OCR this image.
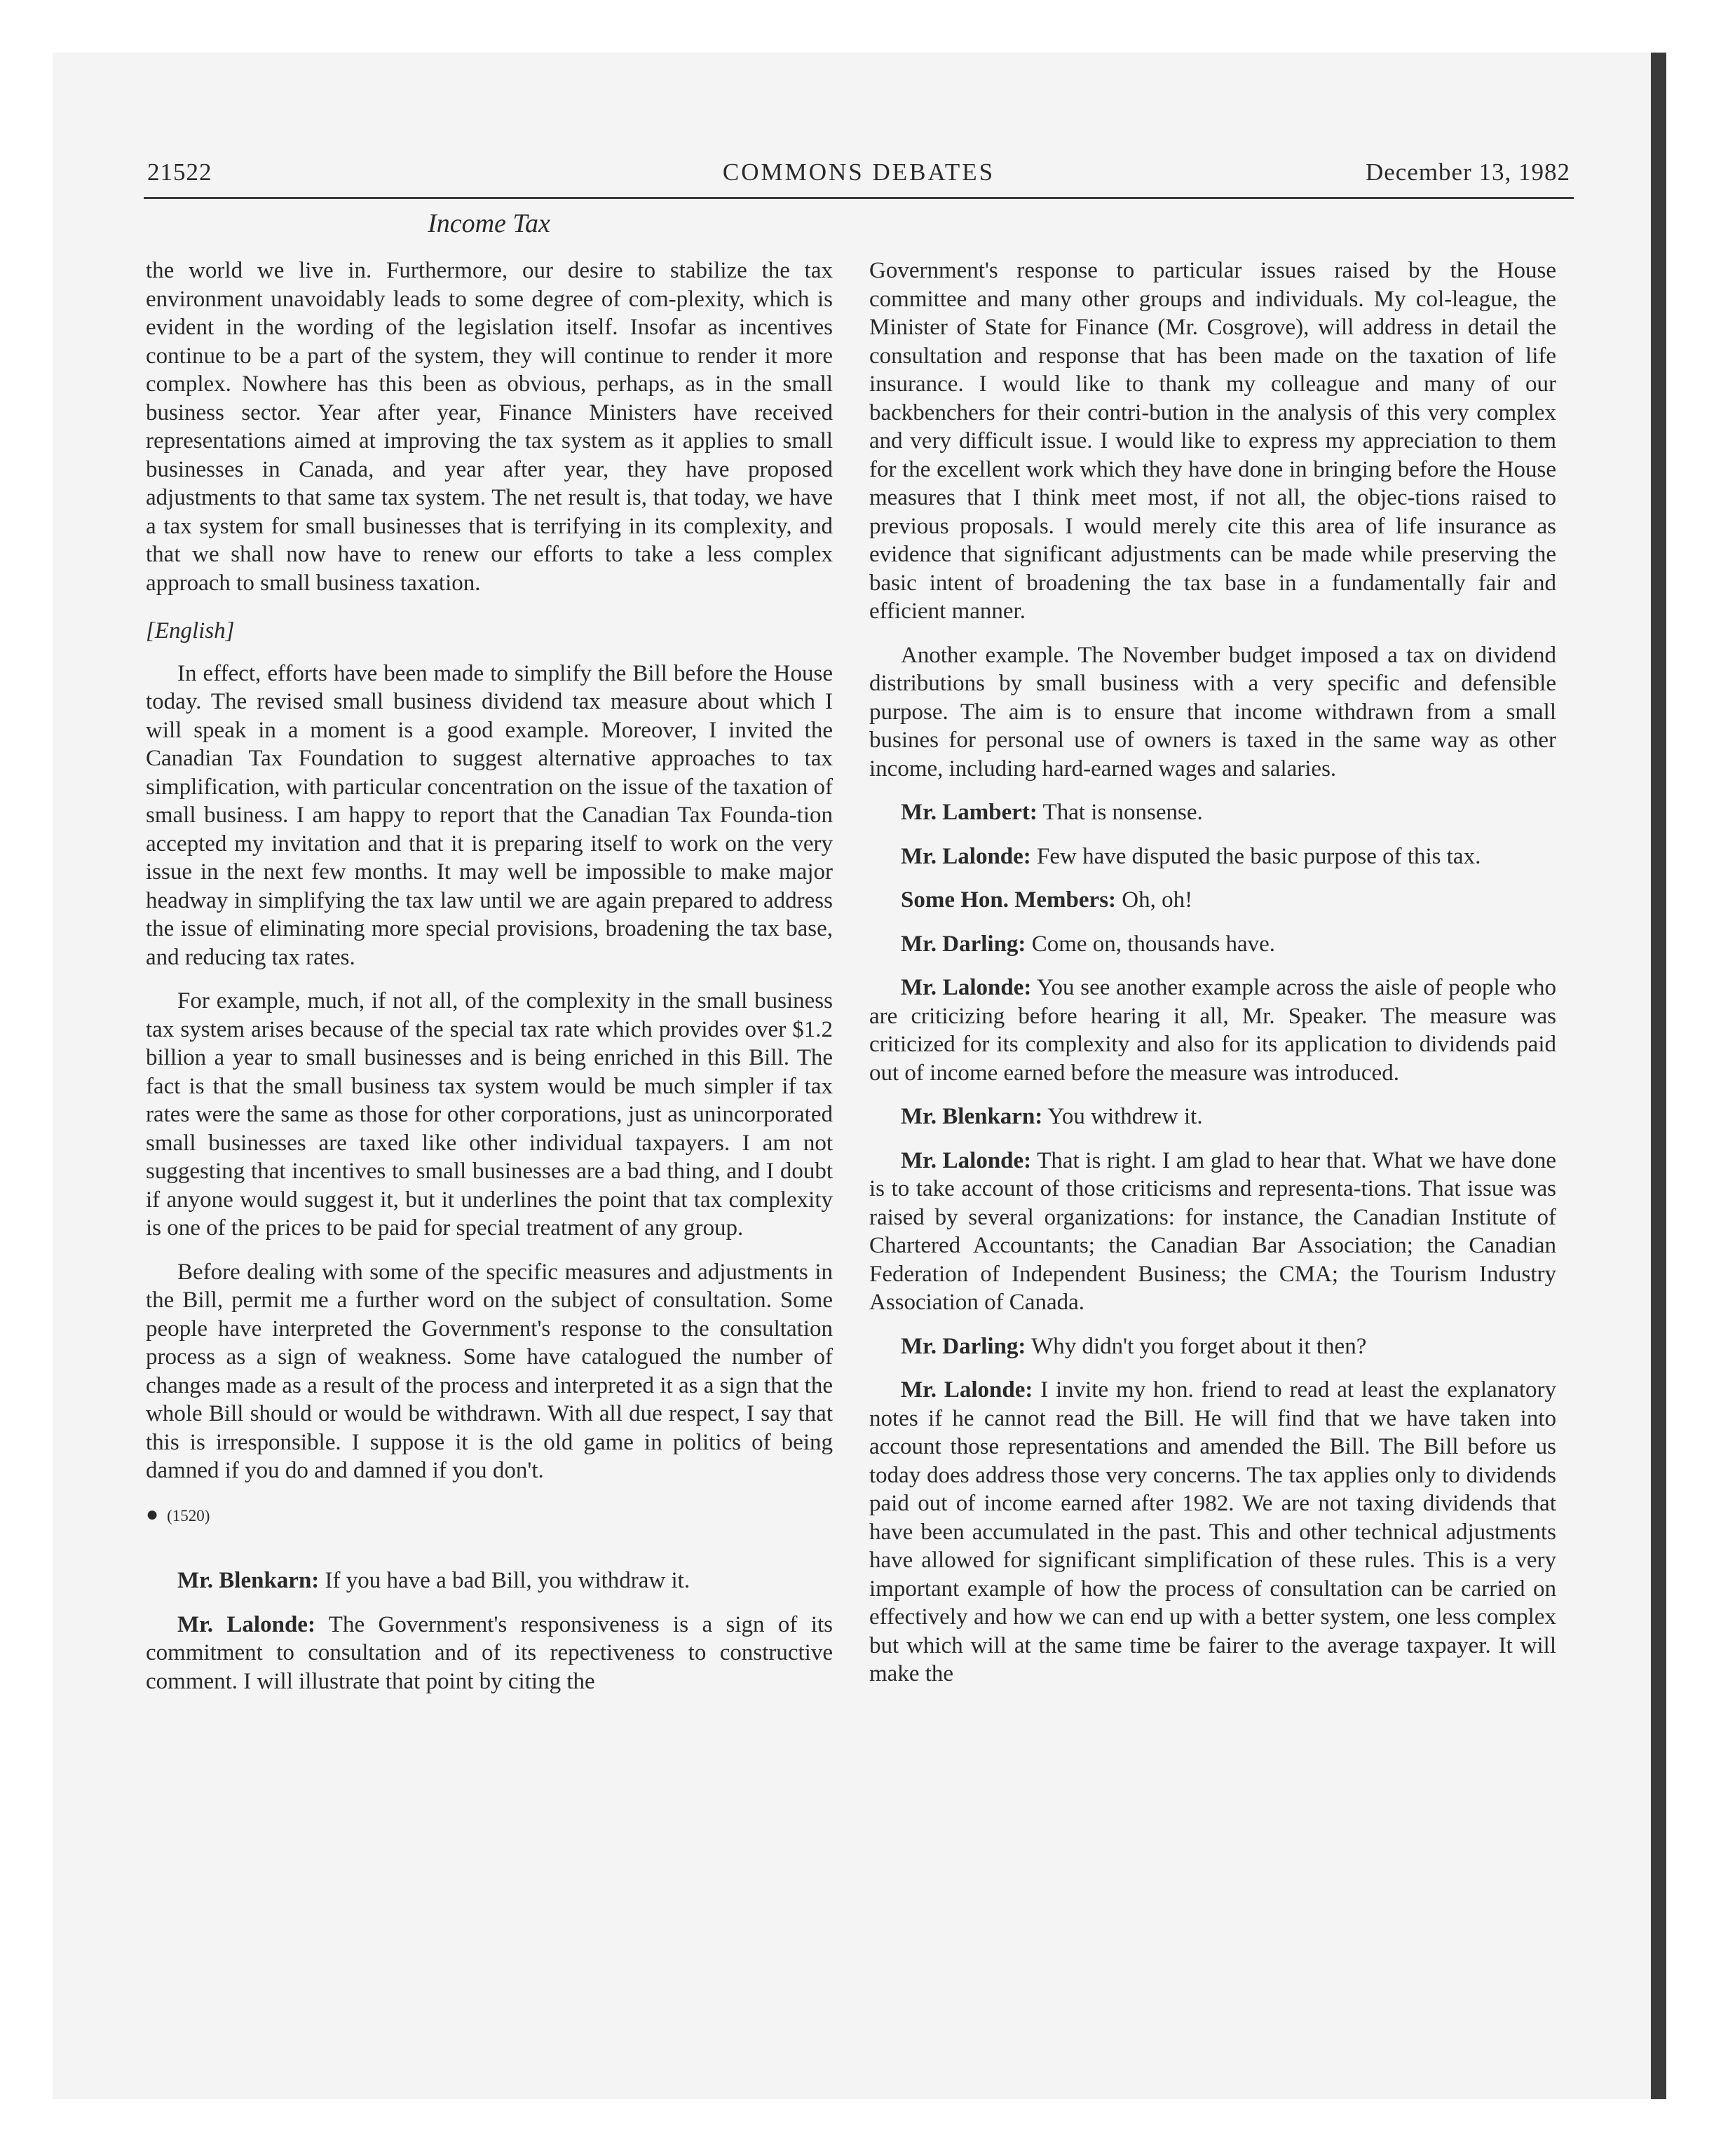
21522	COMMONS DEBATES	December 13, 1982
Income Tax

the world we live in. Furthermore, our desire to stabilize the tax environment unavoidably leads to some degree of com-plexity, which is evident in the wording of the legislation itself. Insofar as incentives continue to be a part of the system, they will continue to render it more complex. Nowhere has this been as obvious, perhaps, as in the small business sector. Year after year, Finance Ministers have received representations aimed at improving the tax system as it applies to small businesses in Canada, and year after year, they have proposed adjustments to that same tax system. The net result is, that today, we have a tax system for small businesses that is terrifying in its complexity, and that we shall now have to renew our efforts to take a less complex approach to small business taxation.

[English]

In effect, efforts have been made to simplify the Bill before the House today. The revised small business dividend tax measure about which I will speak in a moment is a good example. Moreover, I invited the Canadian Tax Foundation to suggest alternative approaches to tax simplification, with particular concentration on the issue of the taxation of small business. I am happy to report that the Canadian Tax Founda-tion accepted my invitation and that it is preparing itself to work on the very issue in the next few months. It may well be impossible to make major headway in simplifying the tax law until we are again prepared to address the issue of eliminating more special provisions, broadening the tax base, and reducing tax rates.

For example, much, if not all, of the complexity in the small business tax system arises because of the special tax rate which provides over $1.2 billion a year to small businesses and is being enriched in this Bill. The fact is that the small business tax system would be much simpler if tax rates were the same as those for other corporations, just as unincorporated small businesses are taxed like other individual taxpayers. I am not suggesting that incentives to small businesses are a bad thing, and I doubt if anyone would suggest it, but it underlines the point that tax complexity is one of the prices to be paid for special treatment of any group.

Before dealing with some of the specific measures and adjustments in the Bill, permit me a further word on the subject of consultation. Some people have interpreted the Government's response to the consultation process as a sign of weakness. Some have catalogued the number of changes made as a result of the process and interpreted it as a sign that the whole Bill should or would be withdrawn. With all due respect, I say that this is irresponsible. I suppose it is the old game in politics of being damned if you do and damned if you don't.

● (1520)

Mr. Blenkarn: If you have a bad Bill, you withdraw it.

Mr. Lalonde: The Government's responsiveness is a sign of its commitment to consultation and of its repectiveness to constructive comment. I will illustrate that point by citing the

Government's response to particular issues raised by the House committee and many other groups and individuals. My col-league, the Minister of State for Finance (Mr. Cosgrove), will address in detail the consultation and response that has been made on the taxation of life insurance. I would like to thank my colleague and many of our backbenchers for their contri-bution in the analysis of this very complex and very difficult issue. I would like to express my appreciation to them for the excellent work which they have done in bringing before the House measures that I think meet most, if not all, the objec-tions raised to previous proposals. I would merely cite this area of life insurance as evidence that significant adjustments can be made while preserving the basic intent of broadening the tax base in a fundamentally fair and efficient manner.

Another example. The November budget imposed a tax on dividend distributions by small business with a very specific and defensible purpose. The aim is to ensure that income withdrawn from a small busines for personal use of owners is taxed in the same way as other income, including hard-earned wages and salaries.

Mr. Lambert: That is nonsense.

Mr. Lalonde: Few have disputed the basic purpose of this tax.

Some Hon. Members: Oh, oh!

Mr. Darling: Come on, thousands have.

Mr. Lalonde: You see another example across the aisle of people who are criticizing before hearing it all, Mr. Speaker. The measure was criticized for its complexity and also for its application to dividends paid out of income earned before the measure was introduced.

Mr. Blenkarn: You withdrew it.

Mr. Lalonde: That is right. I am glad to hear that. What we have done is to take account of those criticisms and representa-tions. That issue was raised by several organizations: for instance, the Canadian Institute of Chartered Accountants; the Canadian Bar Association; the Canadian Federation of Independent Business; the CMA; the Tourism Industry Association of Canada.

Mr. Darling: Why didn't you forget about it then?

Mr. Lalonde: I invite my hon. friend to read at least the explanatory notes if he cannot read the Bill. He will find that we have taken into account those representations and amended the Bill. The Bill before us today does address those very concerns. The tax applies only to dividends paid out of income earned after 1982. We are not taxing dividends that have been accumulated in the past. This and other technical adjustments have allowed for significant simplification of these rules. This is a very important example of how the process of consultation can be carried on effectively and how we can end up with a better system, one less complex but which will at the same time be fairer to the average taxpayer. It will make the
